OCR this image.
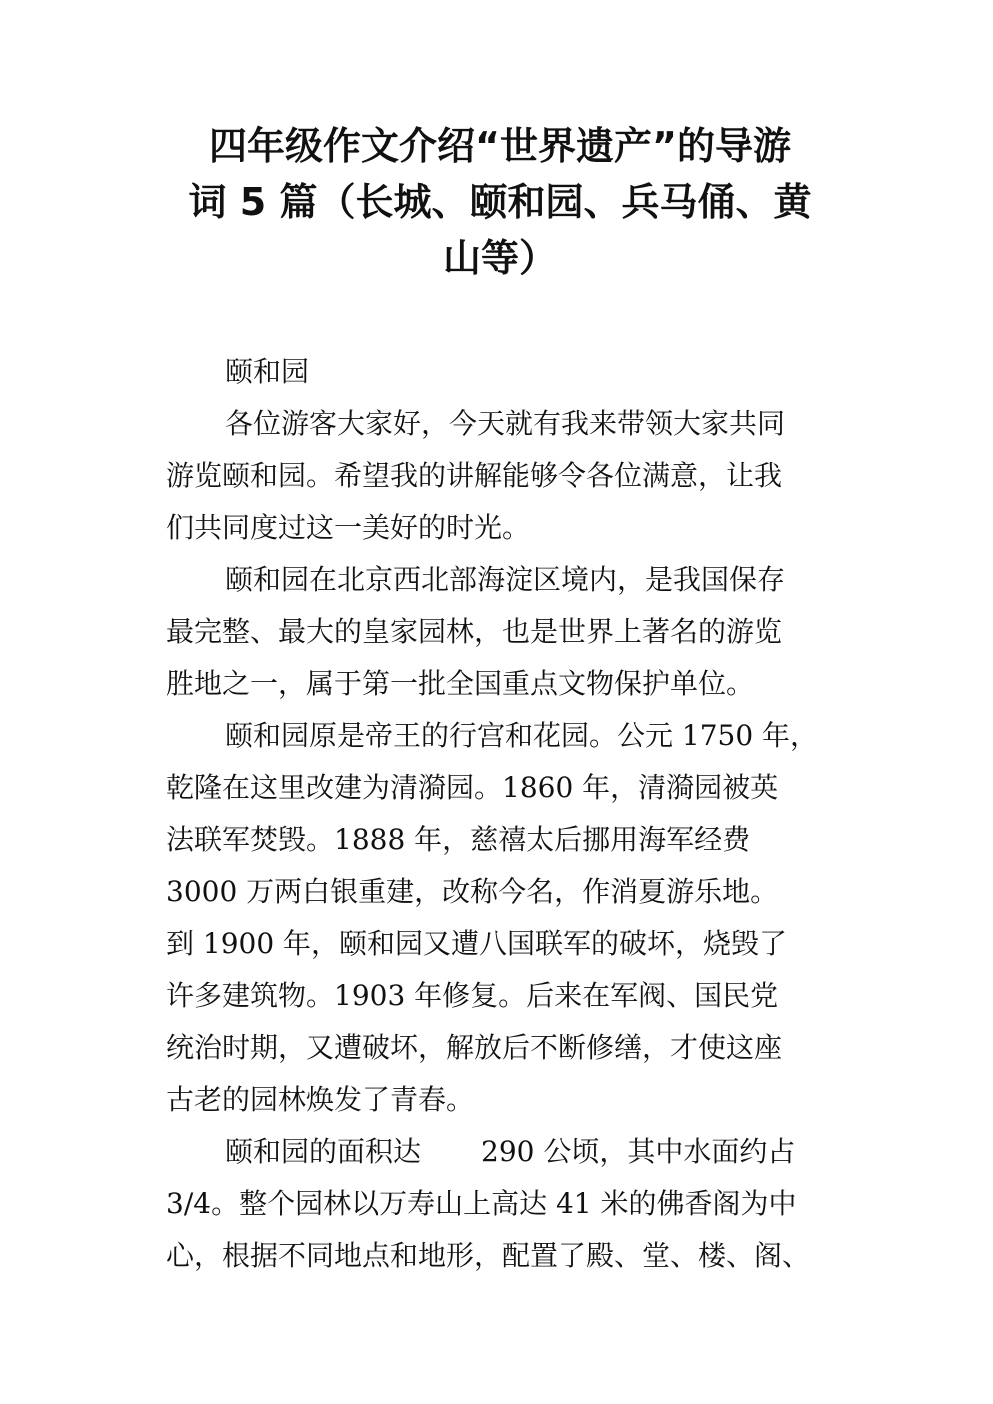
四年级作文介绍“世界遗产”的导游
词 5 篇（长城、颐和园、兵马俑、黄
山等）
颐和园
各位游客大家好，今天就有我来带领大家共同
游览颐和园。希望我的讲解能够令各位满意，让我
们共同度过这一美好的时光。
颐和园在北京西北部海淀区境内，是我国保存
最完整、最大的皇家园林，也是世界上著名的游览
胜地之一，属于第一批全国重点文物保护单位。
颐和园原是帝王的行宫和花园。公元 1750 年，
乾隆在这里改建为清漪园。1860 年，清漪园被英
法联军焚毁。1888 年，慈禧太后挪用海军经费
3000 万两白银重建，改称今名，作消夏游乐地。
到 1900 年，颐和园又遭八国联军的破坏，烧毁了
许多建筑物。1903 年修复。后来在军阀、国民党
统治时期，又遭破坏，解放后不断修缮，才使这座
古老的园林焕发了青春。
颐和园的面积达 290 公顷，其中水面约占
3/4。整个园林以万寿山上高达 41 米的佛香阁为中
心，根据不同地点和地形，配置了殿、堂、楼、阁、
